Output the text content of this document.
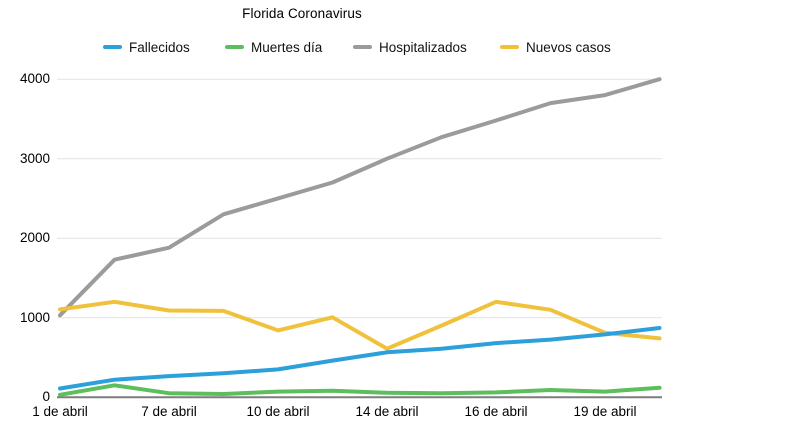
Florida Coronavirus
Fallecidos	Muertes día	Hospitalizados	Nuevos casos
4000
3000
2000
1000
0
1 de abril	7 de abril	10 de abril	14 de abril	16 de abril	19 de abril
